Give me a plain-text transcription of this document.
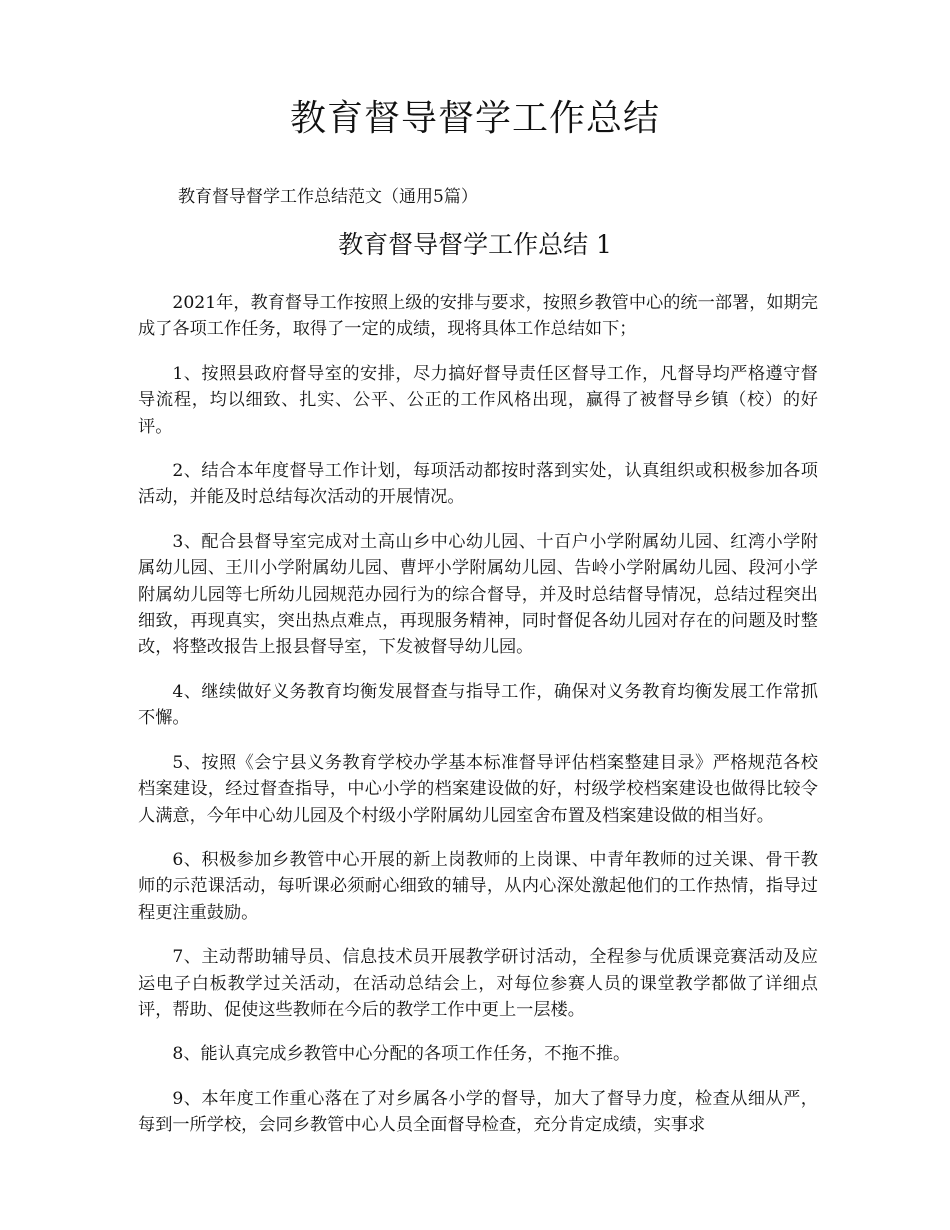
教育督导督学工作总结

教育督导督学工作总结范文（通用5篇）

教育督导督学工作总结 1

2021年，教育督导工作按照上级的安排与要求，按照乡教管中心的统一部署，如期完成了各项工作任务，取得了一定的成绩，现将具体工作总结如下；

1、按照县政府督导室的安排，尽力搞好督导责任区督导工作，凡督导均严格遵守督导流程，均以细致、扎实、公平、公正的工作风格出现，赢得了被督导乡镇（校）的好评。

2、结合本年度督导工作计划，每项活动都按时落到实处，认真组织或积极参加各项活动，并能及时总结每次活动的开展情况。

3、配合县督导室完成对土高山乡中心幼儿园、十百户小学附属幼儿园、红湾小学附属幼儿园、王川小学附属幼儿园、曹坪小学附属幼儿园、告岭小学附属幼儿园、段河小学附属幼儿园等七所幼儿园规范办园行为的综合督导，并及时总结督导情况，总结过程突出细致，再现真实，突出热点难点，再现服务精神，同时督促各幼儿园对存在的问题及时整改，将整改报告上报县督导室，下发被督导幼儿园。

4、继续做好义务教育均衡发展督查与指导工作，确保对义务教育均衡发展工作常抓不懈。

5、按照《会宁县义务教育学校办学基本标准督导评估档案整建目录》严格规范各校档案建设，经过督查指导，中心小学的档案建设做的好，村级学校档案建设也做得比较令人满意，今年中心幼儿园及个村级小学附属幼儿园室舍布置及档案建设做的相当好。

6、积极参加乡教管中心开展的新上岗教师的上岗课、中青年教师的过关课、骨干教师的示范课活动，每听课必须耐心细致的辅导，从内心深处激起他们的工作热情，指导过程更注重鼓励。

7、主动帮助辅导员、信息技术员开展教学研讨活动，全程参与优质课竞赛活动及应运电子白板教学过关活动，在活动总结会上，对每位参赛人员的课堂教学都做了详细点评，帮助、促使这些教师在今后的教学工作中更上一层楼。

8、能认真完成乡教管中心分配的各项工作任务，不拖不推。

9、本年度工作重心落在了对乡属各小学的督导，加大了督导力度，检查从细从严，每到一所学校，会同乡教管中心人员全面督导检查，充分肯定成绩，实事求
